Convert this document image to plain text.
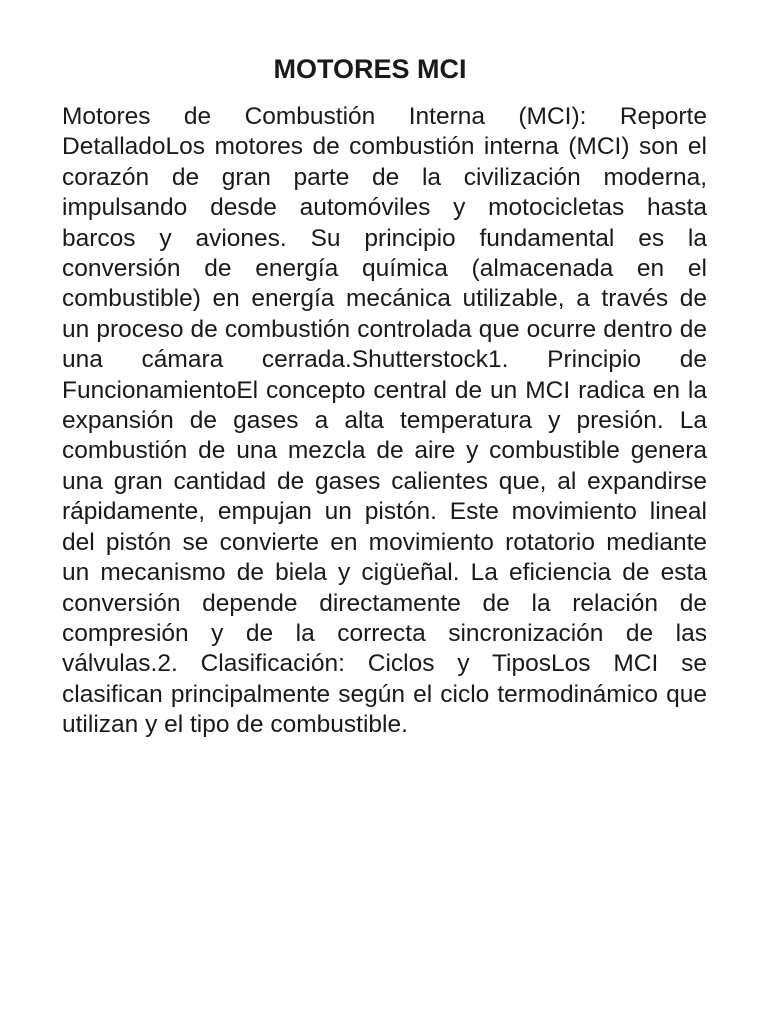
MOTORES MCI

Motores de Combustión Interna (MCI): Reporte DetalladoLos motores de combustión interna (MCI) son el corazón de gran parte de la civilización moderna, impulsando desde automóviles y motocicletas hasta barcos y aviones. Su principio fundamental es la conversión de energía química (almacenada en el combustible) en energía mecánica utilizable, a través de un proceso de combustión controlada que ocurre dentro de una cámara cerrada.Shutterstock1. Principio de FuncionamientoEl concepto central de un MCI radica en la expansión de gases a alta temperatura y presión. La combustión de una mezcla de aire y combustible genera una gran cantidad de gases calientes que, al expandirse rápidamente, empujan un pistón. Este movimiento lineal del pistón se convierte en movimiento rotatorio mediante un mecanismo de biela y cigüeñal. La eficiencia de esta conversión depende directamente de la relación de compresión y de la correcta sincronización de las válvulas.2. Clasificación: Ciclos y TiposLos MCI se clasifican principalmente según el ciclo termodinámico que utilizan y el tipo de combustible.
